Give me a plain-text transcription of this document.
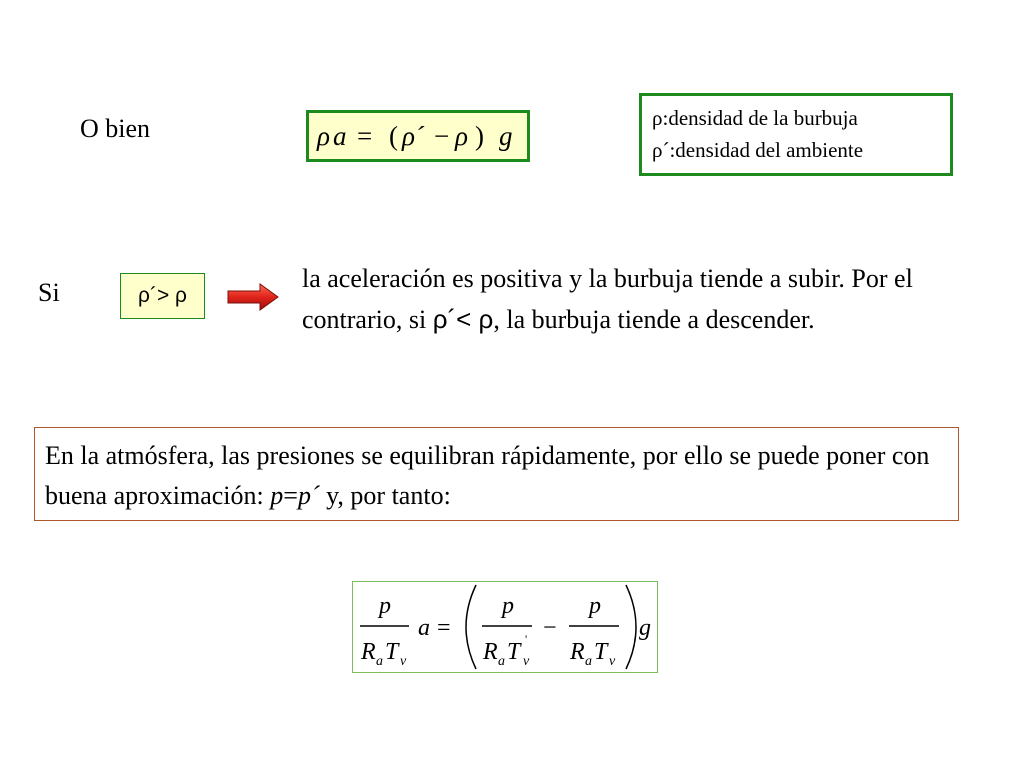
O bien	ρ a = ( ρ´ − ρ ) g
ρ:densidad de la burbuja
ρ´:densidad del ambiente
Si	ρ´> ρ
la aceleración es positiva y la burbuja tiende a subir. Por el contrario, si ρ´< ρ, la burbuja tiende a descender.
En la atmósfera, las presiones se equilibran rápidamente, por ello se puede poner con buena aproximación: p=p´ y, por tanto:
p
R a T v
a =
p
R a T '
v
−
p
R a T v
g
